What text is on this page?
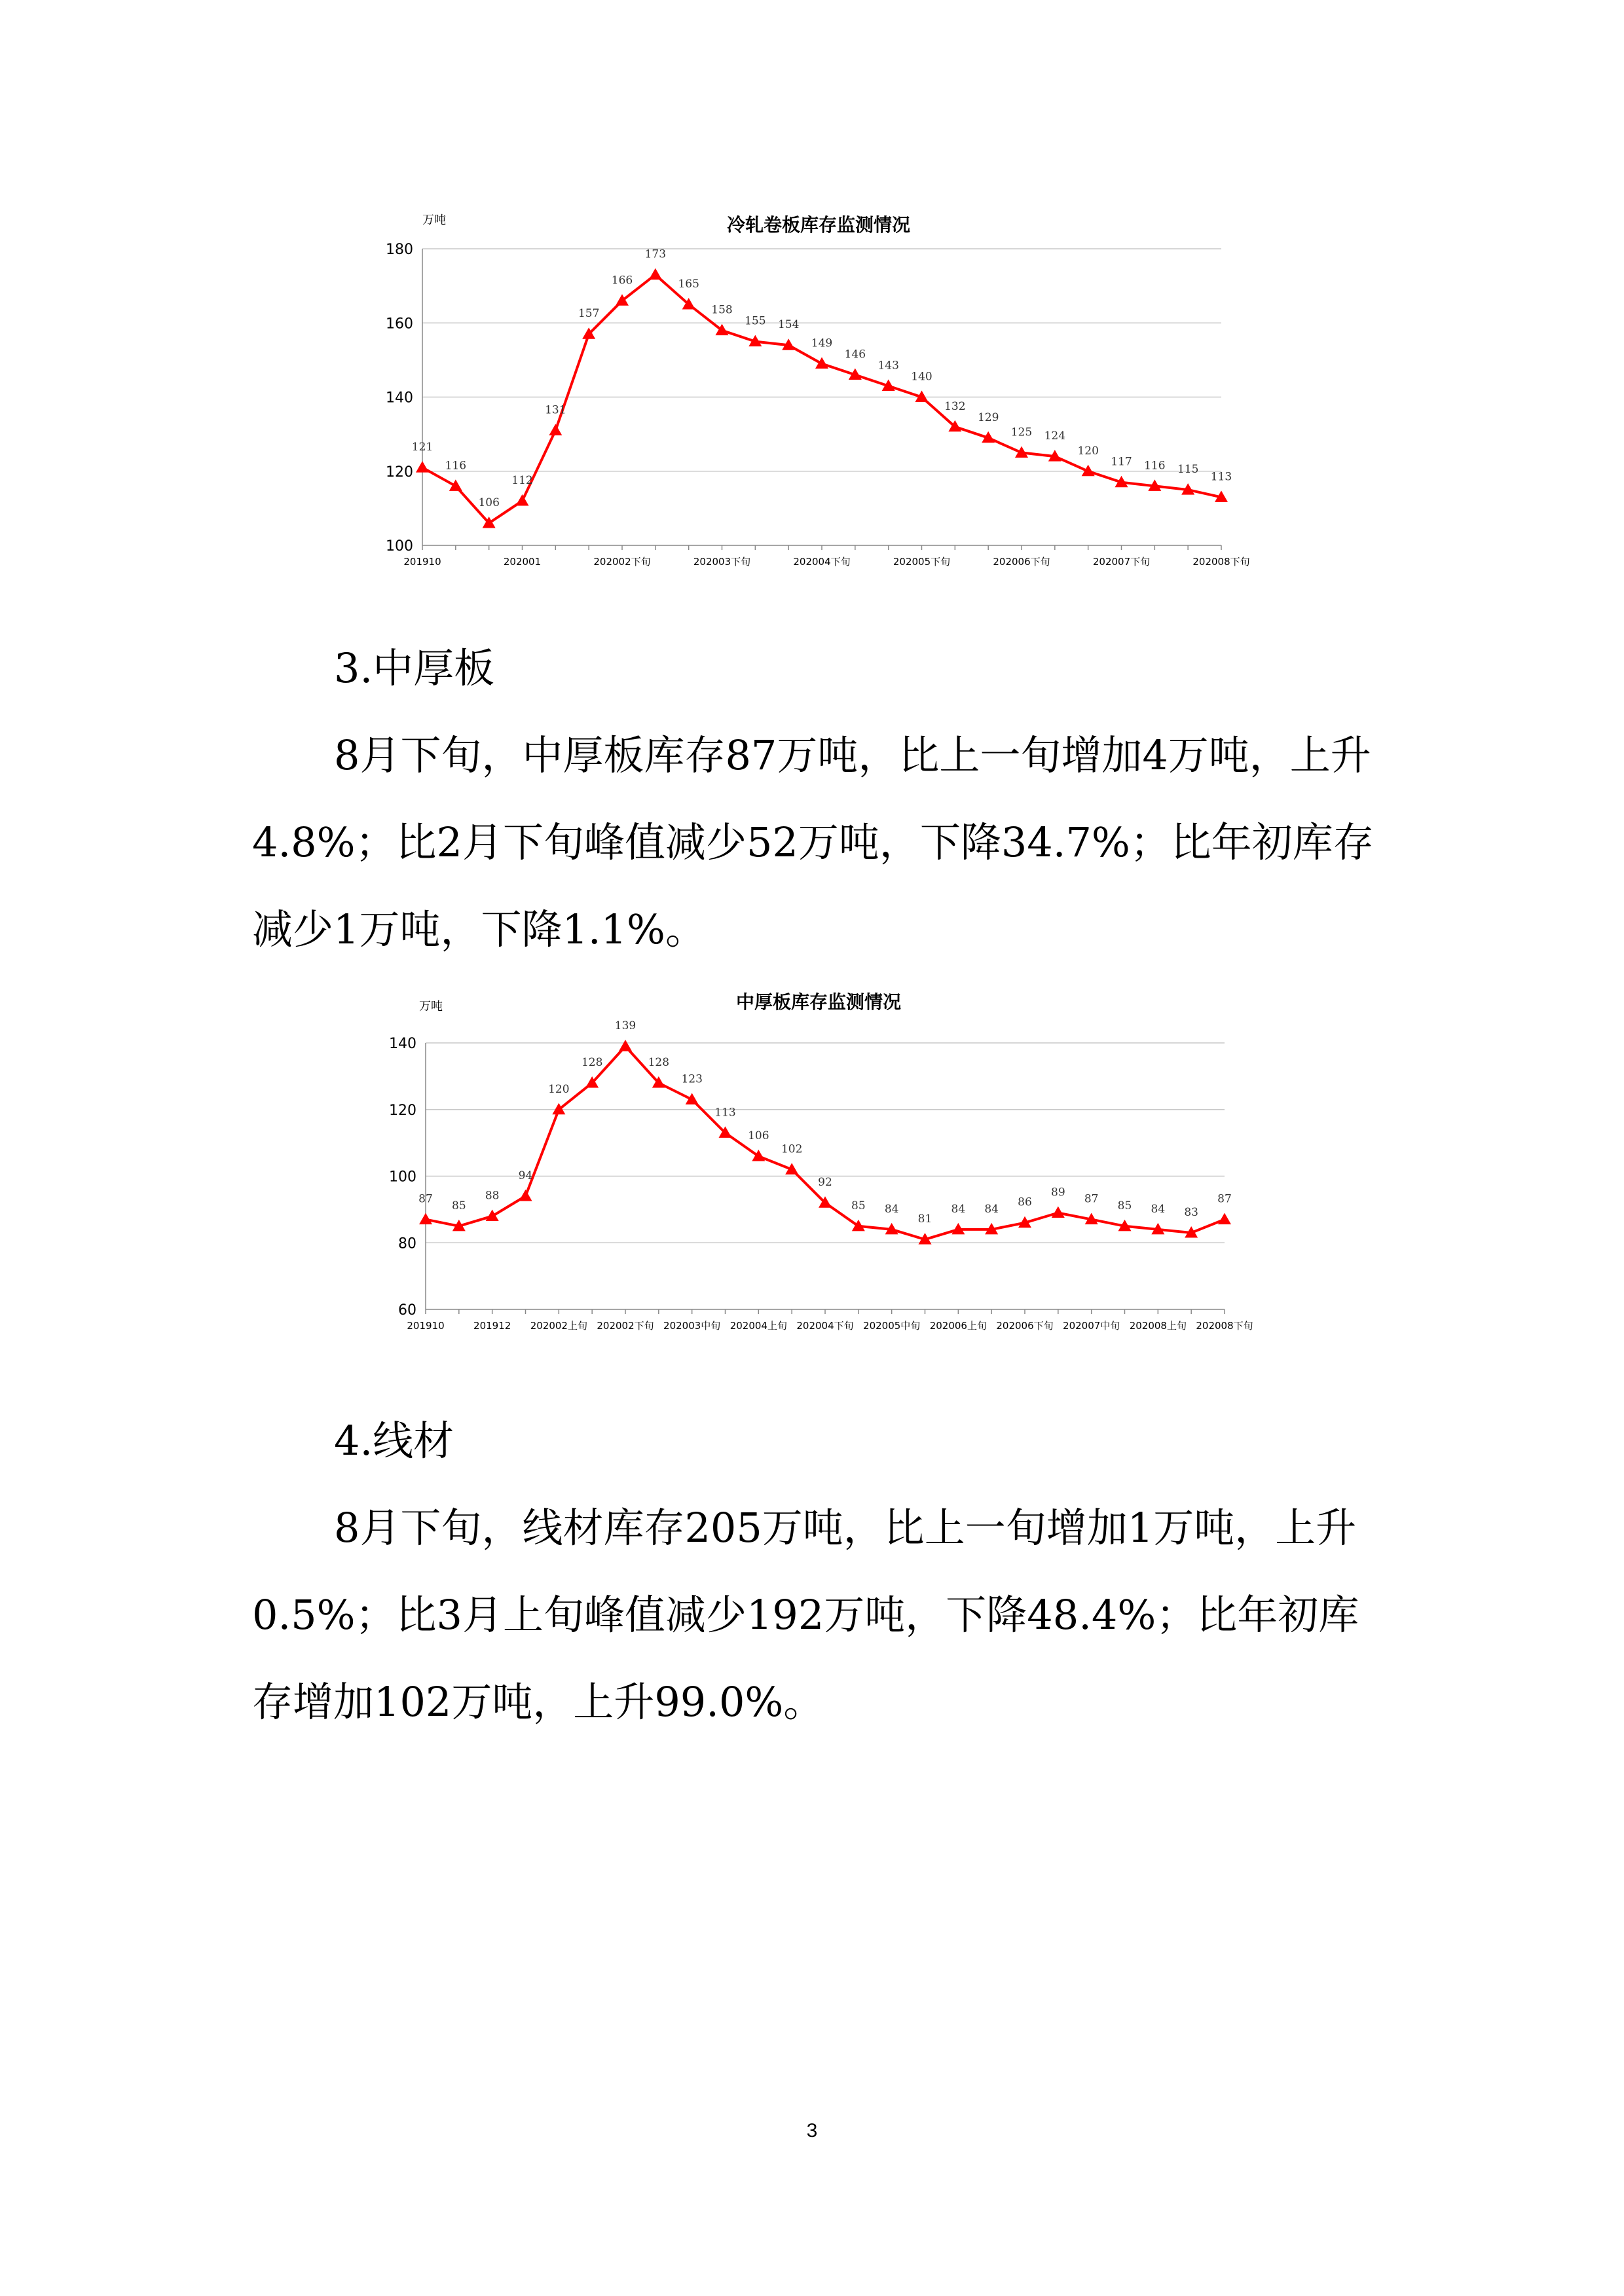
万吨	冷轧卷板库存监测情况
100
120
140
160
180
201910	202001	202002下旬	202003下旬	202004下旬	202005下旬	202006下旬	202007下旬	202008下旬
121
116
106
112
131
157
166
173
165
158
155 154
149
146
143
140
132
129
125 124
120
117 116 115
113
3.中厚板

8月下旬，中厚板库存87万吨，比上一旬增加4万吨，上升4.8%；比2月下旬峰值减少52万吨，下降34.7%；比年初库存减少1万吨，下降1.1%。

万吨	中厚板库存监测情况
60
80
100
120
140
201910	201912 202002上旬 202002下旬 202003中旬 202004上旬 202004下旬 202005中旬 202006上旬 202006下旬 202007中旬 202008上旬 202008下旬
87
85
88
94
120
128
139
128
123
113
106
102
92
85 84
81
84 84
86
89
87
85 84 83
87
4.线材

8月下旬，线材库存205万吨，比上一旬增加1万吨，上升0.5%；比3月上旬峰值减少192万吨，下降48.4%；比年初库存增加102万吨，上升99.0%。

3
